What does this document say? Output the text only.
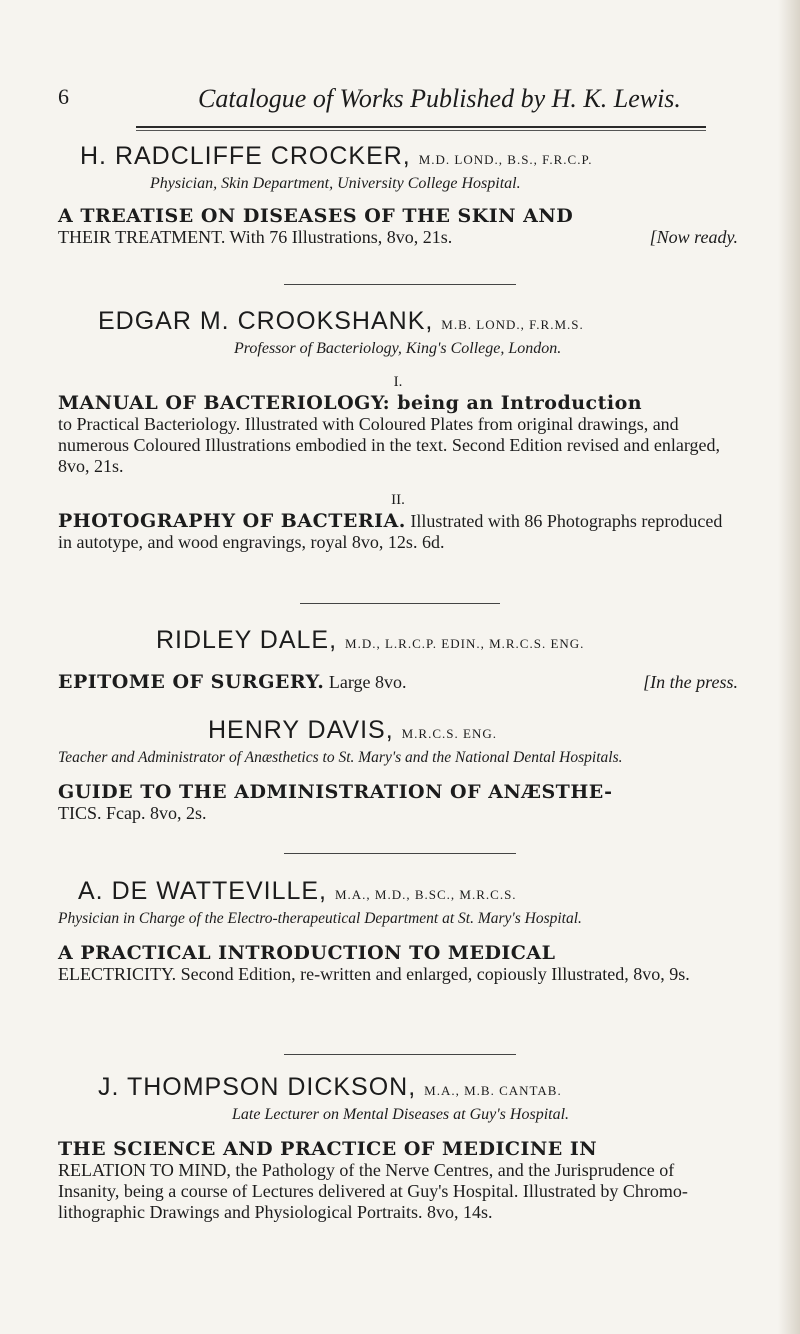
6	Catalogue of Works Published by H. K. Lewis.
H. RADCLIFFE CROCKER, M.D. LOND., B.S., F.R.C.P.
Physician, Skin Department, University College Hospital.
A TREATISE ON DISEASES OF THE SKIN AND
THEIR TREATMENT. With 76 Illustrations, 8vo, 21s.	[Now ready.
EDGAR M. CROOKSHANK, M.B. LOND., F.R.M.S.
Professor of Bacteriology, King's College, London.
I.
MANUAL OF BACTERIOLOGY: being an Introduction
to Practical Bacteriology. Illustrated with Coloured Plates from original drawings, and numerous Coloured Illustrations embodied in the text. Second Edition revised and enlarged, 8vo, 21s.
II.
PHOTOGRAPHY OF BACTERIA. Illustrated with 86 Photographs reproduced in autotype, and wood engravings, royal 8vo, 12s. 6d.
RIDLEY DALE, M.D., L.R.C.P. EDIN., M.R.C.S. ENG.
EPITOME OF SURGERY. Large 8vo.	[In the press.
HENRY DAVIS, M.R.C.S. ENG.
Teacher and Administrator of Anæsthetics to St. Mary's and the National Dental Hospitals.
GUIDE TO THE ADMINISTRATION OF ANÆSTHE-
TICS. Fcap. 8vo, 2s.
A. DE WATTEVILLE, M.A., M.D., B.SC., M.R.C.S.
Physician in Charge of the Electro-therapeutical Department at St. Mary's Hospital.
A PRACTICAL INTRODUCTION TO MEDICAL
ELECTRICITY. Second Edition, re-written and enlarged, copiously Illustrated, 8vo, 9s.
J. THOMPSON DICKSON, M.A., M.B. CANTAB.
Late Lecturer on Mental Diseases at Guy's Hospital.
THE SCIENCE AND PRACTICE OF MEDICINE IN
RELATION TO MIND, the Pathology of the Nerve Centres, and the Jurisprudence of Insanity, being a course of Lectures delivered at Guy's Hospital. Illustrated by Chromo-lithographic Drawings and Physiological Portraits. 8vo, 14s.
